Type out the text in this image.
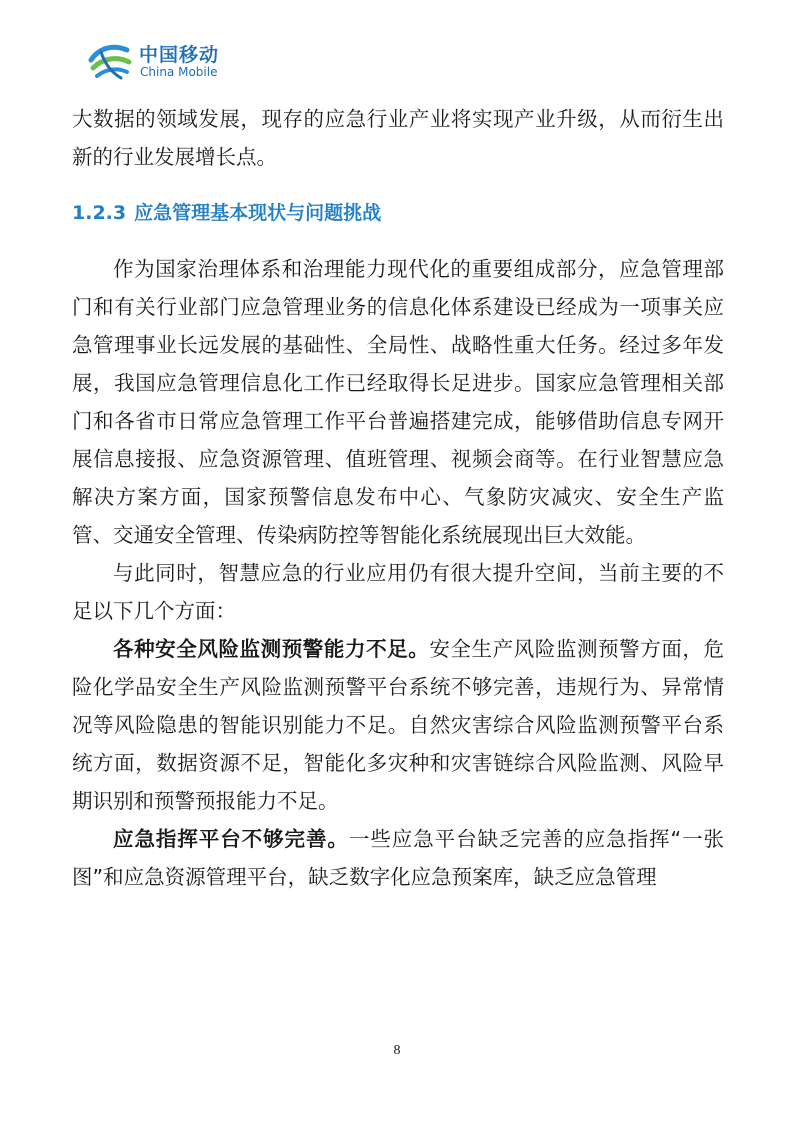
中国移动
China Mobile

大数据的领域发展，现存的应急行业产业将实现产业升级，从而衍生出新的行业发展增长点。

1.2.3 应急管理基本现状与问题挑战

作为国家治理体系和治理能力现代化的重要组成部分，应急管理部门和有关行业部门应急管理业务的信息化体系建设已经成为一项事关应急管理事业长远发展的基础性、全局性、战略性重大任务。经过多年发展，我国应急管理信息化工作已经取得长足进步。国家应急管理相关部门和各省市日常应急管理工作平台普遍搭建完成，能够借助信息专网开展信息接报、应急资源管理、值班管理、视频会商等。在行业智慧应急解决方案方面，国家预警信息发布中心、气象防灾减灾、安全生产监管、交通安全管理、传染病防控等智能化系统展现出巨大效能。

与此同时，智慧应急的行业应用仍有很大提升空间，当前主要的不足以下几个方面：

各种安全风险监测预警能力不足。安全生产风险监测预警方面，危险化学品安全生产风险监测预警平台系统不够完善，违规行为、异常情况等风险隐患的智能识别能力不足。自然灾害综合风险监测预警平台系统方面，数据资源不足，智能化多灾种和灾害链综合风险监测、风险早期识别和预警预报能力不足。

应急指挥平台不够完善。一些应急平台缺乏完善的应急指挥“一张图”和应急资源管理平台，缺乏数字化应急预案库，缺乏应急管理

8
